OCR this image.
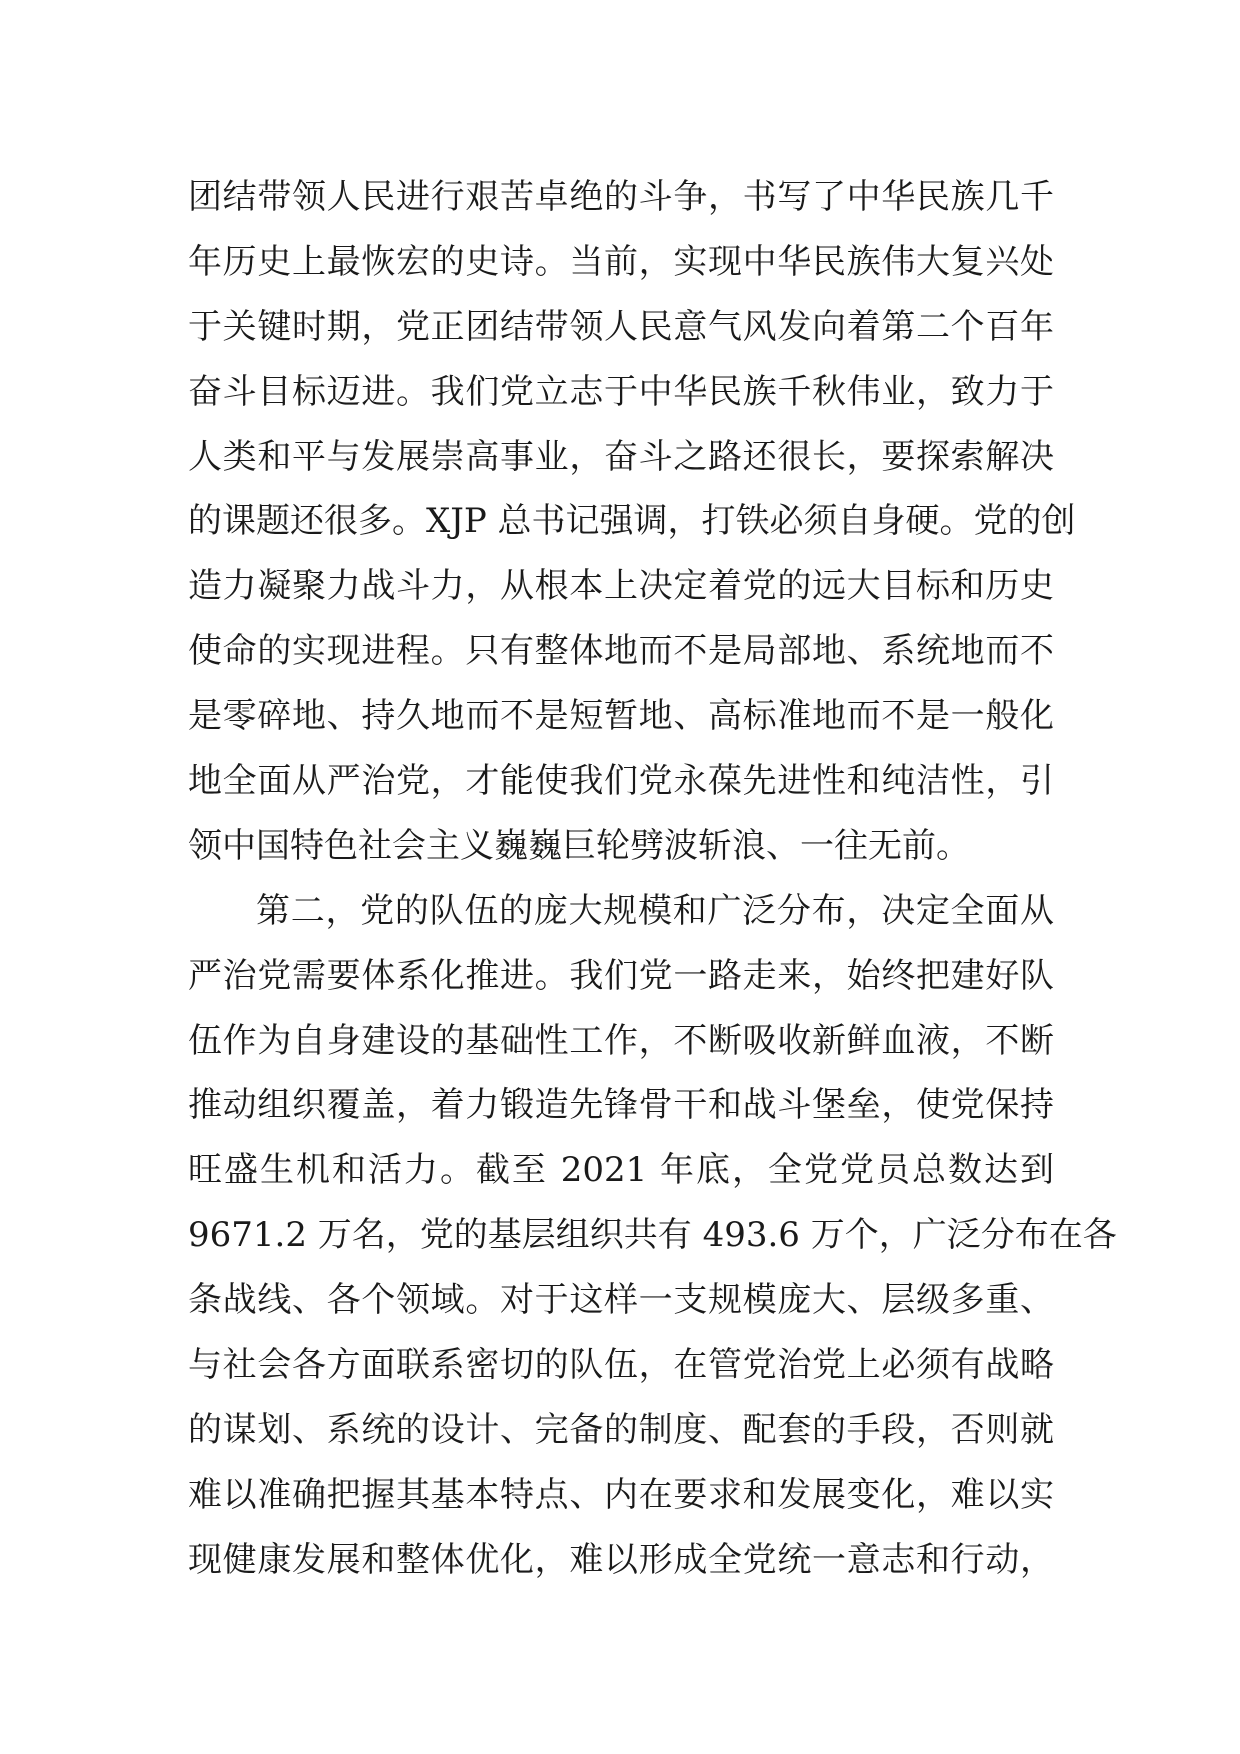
团结带领人民进行艰苦卓绝的斗争，书写了中华民族几千
年历史上最恢宏的史诗。当前，实现中华民族伟大复兴处
于关键时期，党正团结带领人民意气风发向着第二个百年
奋斗目标迈进。我们党立志于中华民族千秋伟业，致力于
人类和平与发展崇高事业，奋斗之路还很长，要探索解决
的课题还很多。XJP 总书记强调，打铁必须自身硬。党的创
造力凝聚力战斗力，从根本上决定着党的远大目标和历史
使命的实现进程。只有整体地而不是局部地、系统地而不
是零碎地、持久地而不是短暂地、高标准地而不是一般化
地全面从严治党，才能使我们党永葆先进性和纯洁性，引
领中国特色社会主义巍巍巨轮劈波斩浪、一往无前。
第二，党的队伍的庞大规模和广泛分布，决定全面从
严治党需要体系化推进。我们党一路走来，始终把建好队
伍作为自身建设的基础性工作，不断吸收新鲜血液，不断
推动组织覆盖，着力锻造先锋骨干和战斗堡垒，使党保持
旺盛生机和活力。截至 2021 年底，全党党员总数达到
9671.2 万名，党的基层组织共有 493.6 万个，广泛分布在各
条战线、各个领域。对于这样一支规模庞大、层级多重、
与社会各方面联系密切的队伍，在管党治党上必须有战略
的谋划、系统的设计、完备的制度、配套的手段，否则就
难以准确把握其基本特点、内在要求和发展变化，难以实
现健康发展和整体优化，难以形成全党统一意志和行动，
